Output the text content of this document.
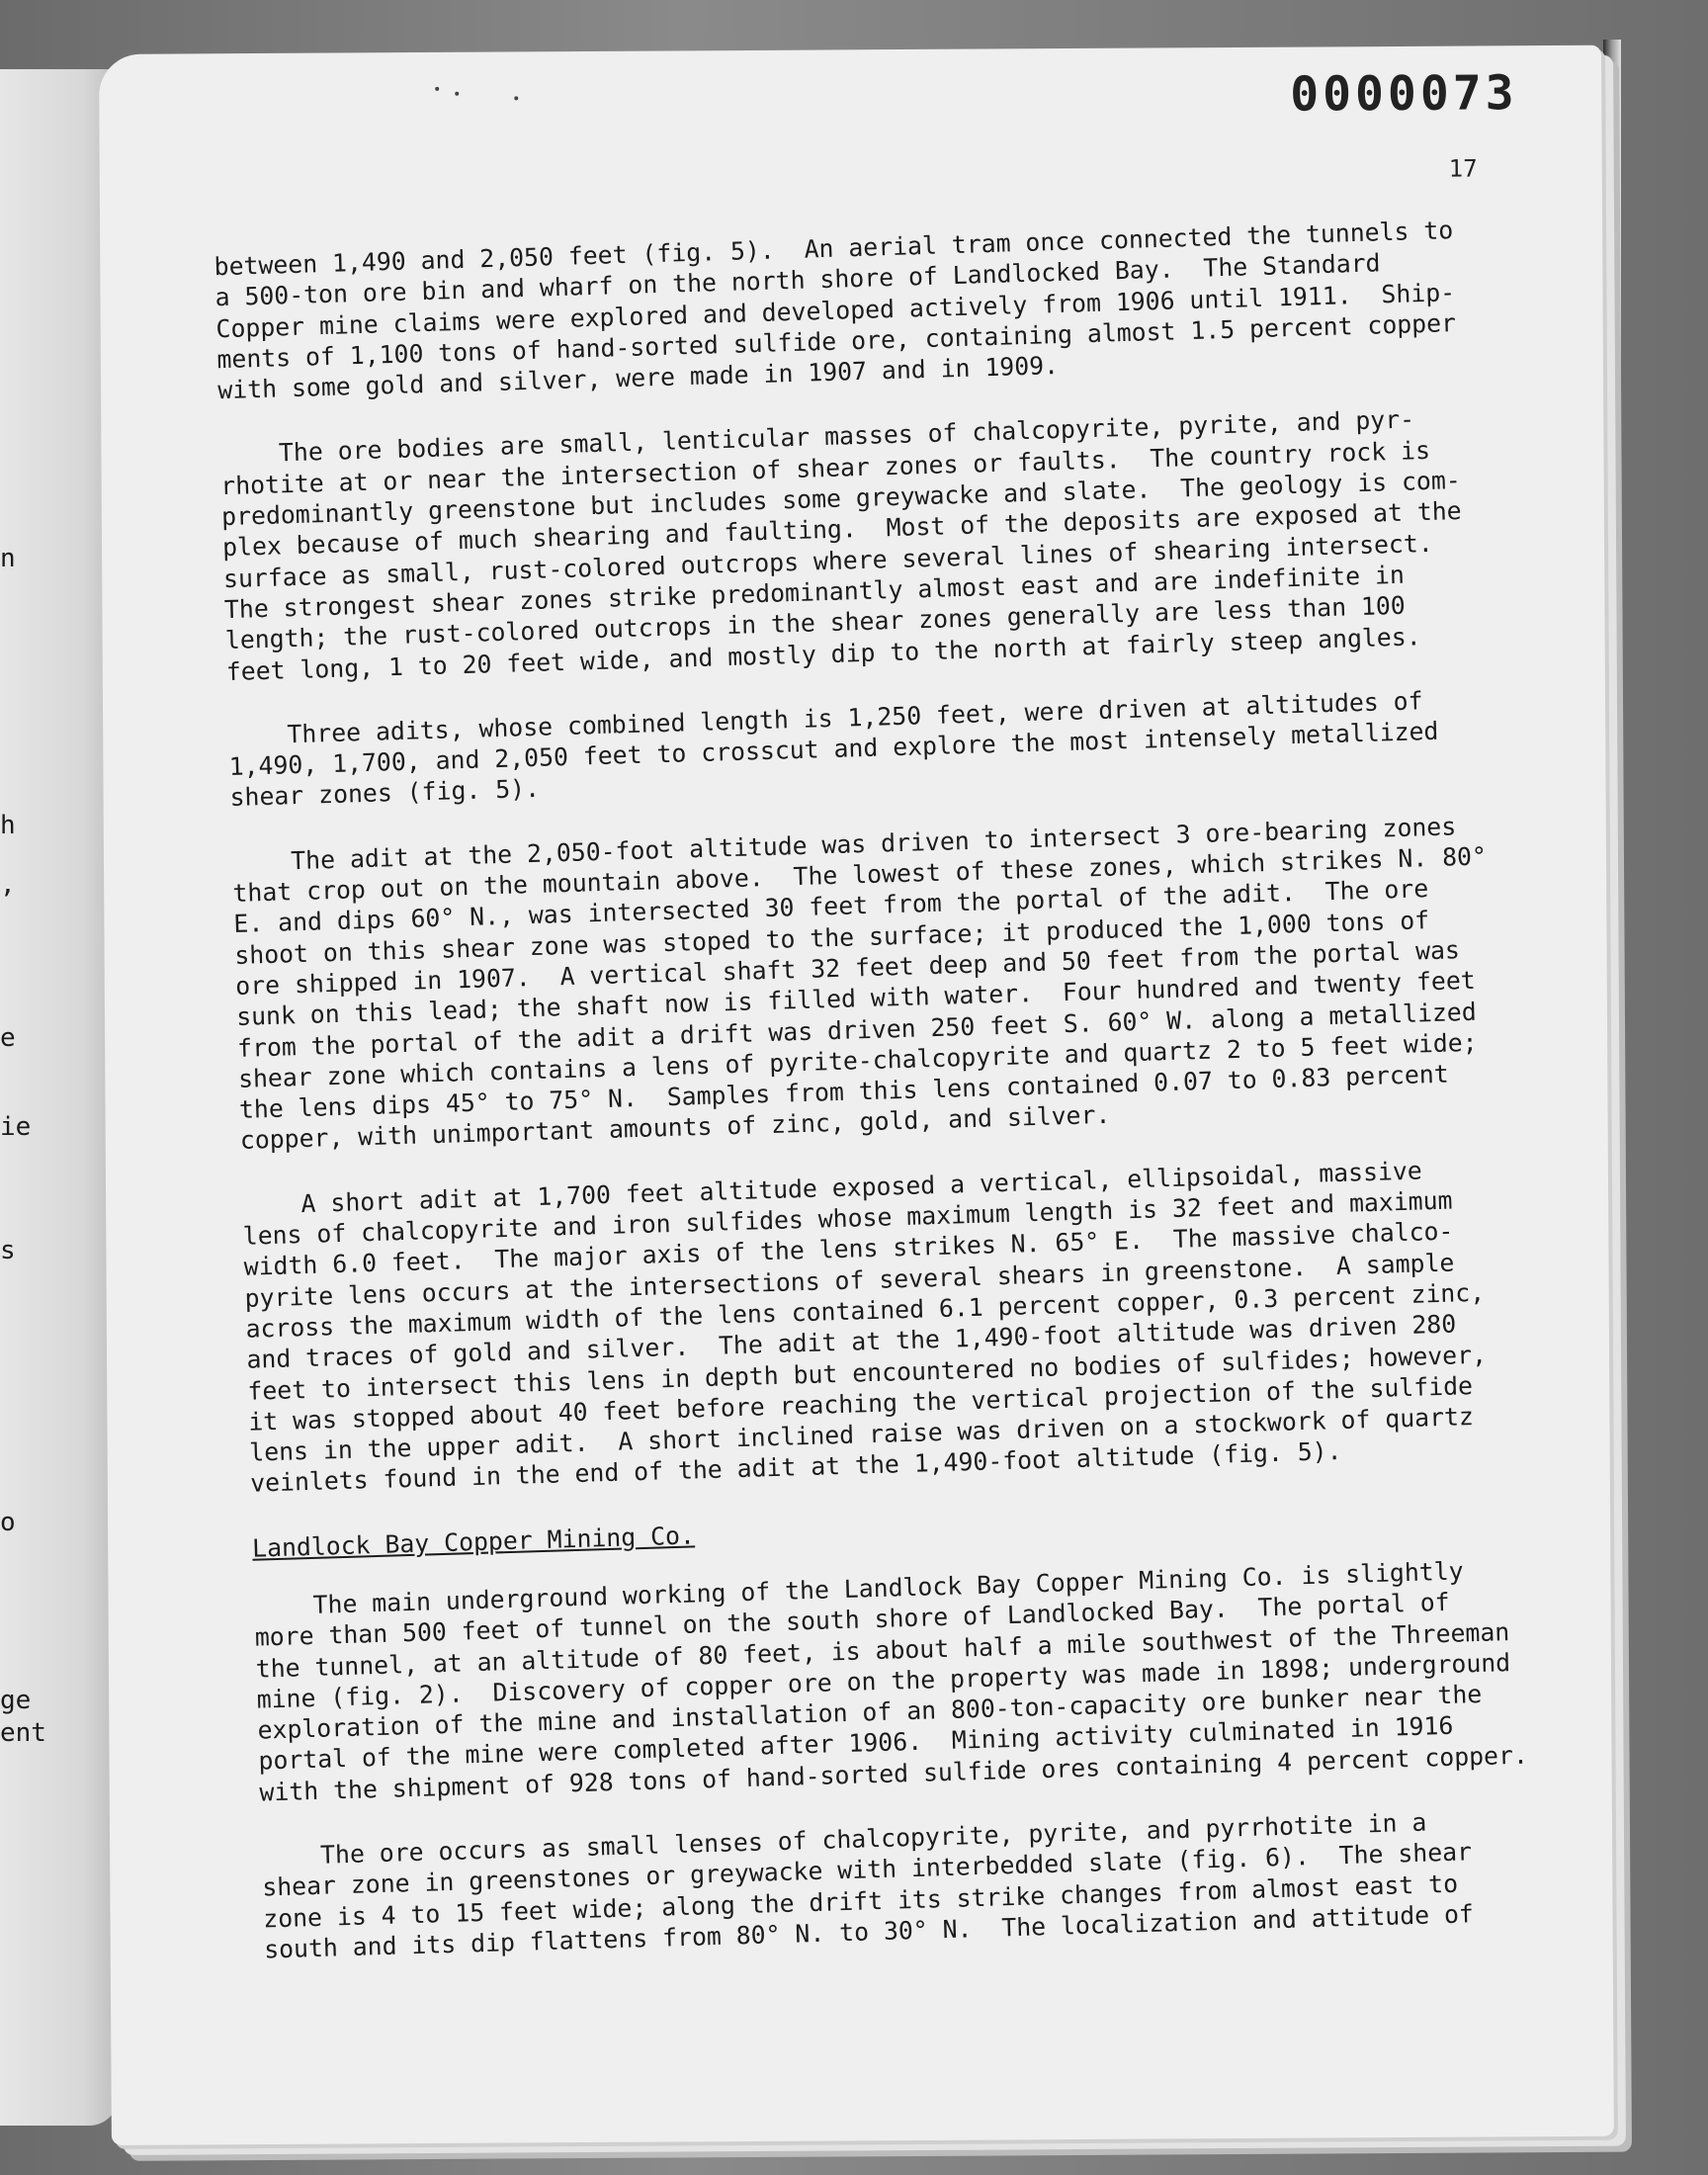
n
h
,
e
ie
s
o
ge
ent
0000073
17

between 1,490 and 2,050 feet (fig. 5).  An aerial tram once connected the tunnels to
a 500-ton ore bin and wharf on the north shore of Landlocked Bay.  The Standard
Copper mine claims were explored and developed actively from 1906 until 1911.  Ship-
ments of 1,100 tons of hand-sorted sulfide ore, containing almost 1.5 percent copper
with some gold and silver, were made in 1907 and in 1909.

The ore bodies are small, lenticular masses of chalcopyrite, pyrite, and pyr-
rhotite at or near the intersection of shear zones or faults.  The country rock is
predominantly greenstone but includes some greywacke and slate.  The geology is com-
plex because of much shearing and faulting.  Most of the deposits are exposed at the
surface as small, rust-colored outcrops where several lines of shearing intersect.
The strongest shear zones strike predominantly almost east and are indefinite in
length; the rust-colored outcrops in the shear zones generally are less than 100
feet long, 1 to 20 feet wide, and mostly dip to the north at fairly steep angles.

Three adits, whose combined length is 1,250 feet, were driven at altitudes of
1,490, 1,700, and 2,050 feet to crosscut and explore the most intensely metallized
shear zones (fig. 5).

The adit at the 2,050-foot altitude was driven to intersect 3 ore-bearing zones
that crop out on the mountain above.  The lowest of these zones, which strikes N. 80°
E. and dips 60° N., was intersected 30 feet from the portal of the adit.  The ore
shoot on this shear zone was stoped to the surface; it produced the 1,000 tons of
ore shipped in 1907.  A vertical shaft 32 feet deep and 50 feet from the portal was
sunk on this lead; the shaft now is filled with water.  Four hundred and twenty feet
from the portal of the adit a drift was driven 250 feet S. 60° W. along a metallized
shear zone which contains a lens of pyrite-chalcopyrite and quartz 2 to 5 feet wide;
the lens dips 45° to 75° N.  Samples from this lens contained 0.07 to 0.83 percent
copper, with unimportant amounts of zinc, gold, and silver.

A short adit at 1,700 feet altitude exposed a vertical, ellipsoidal, massive
lens of chalcopyrite and iron sulfides whose maximum length is 32 feet and maximum
width 6.0 feet.  The major axis of the lens strikes N. 65° E.  The massive chalco-
pyrite lens occurs at the intersections of several shears in greenstone.  A sample
across the maximum width of the lens contained 6.1 percent copper, 0.3 percent zinc,
and traces of gold and silver.  The adit at the 1,490-foot altitude was driven 280
feet to intersect this lens in depth but encountered no bodies of sulfides; however,
it was stopped about 40 feet before reaching the vertical projection of the sulfide
lens in the upper adit.  A short inclined raise was driven on a stockwork of quartz
veinlets found in the end of the adit at the 1,490-foot altitude (fig. 5).

Landlock Bay Copper Mining Co.

The main underground working of the Landlock Bay Copper Mining Co. is slightly
more than 500 feet of tunnel on the south shore of Landlocked Bay.  The portal of
the tunnel, at an altitude of 80 feet, is about half a mile southwest of the Threeman
mine (fig. 2).  Discovery of copper ore on the property was made in 1898; underground
exploration of the mine and installation of an 800-ton-capacity ore bunker near the
portal of the mine were completed after 1906.  Mining activity culminated in 1916
with the shipment of 928 tons of hand-sorted sulfide ores containing 4 percent copper.

The ore occurs as small lenses of chalcopyrite, pyrite, and pyrrhotite in a
shear zone in greenstones or greywacke with interbedded slate (fig. 6).  The shear
zone is 4 to 15 feet wide; along the drift its strike changes from almost east to
south and its dip flattens from 80° N. to 30° N.  The localization and attitude of
